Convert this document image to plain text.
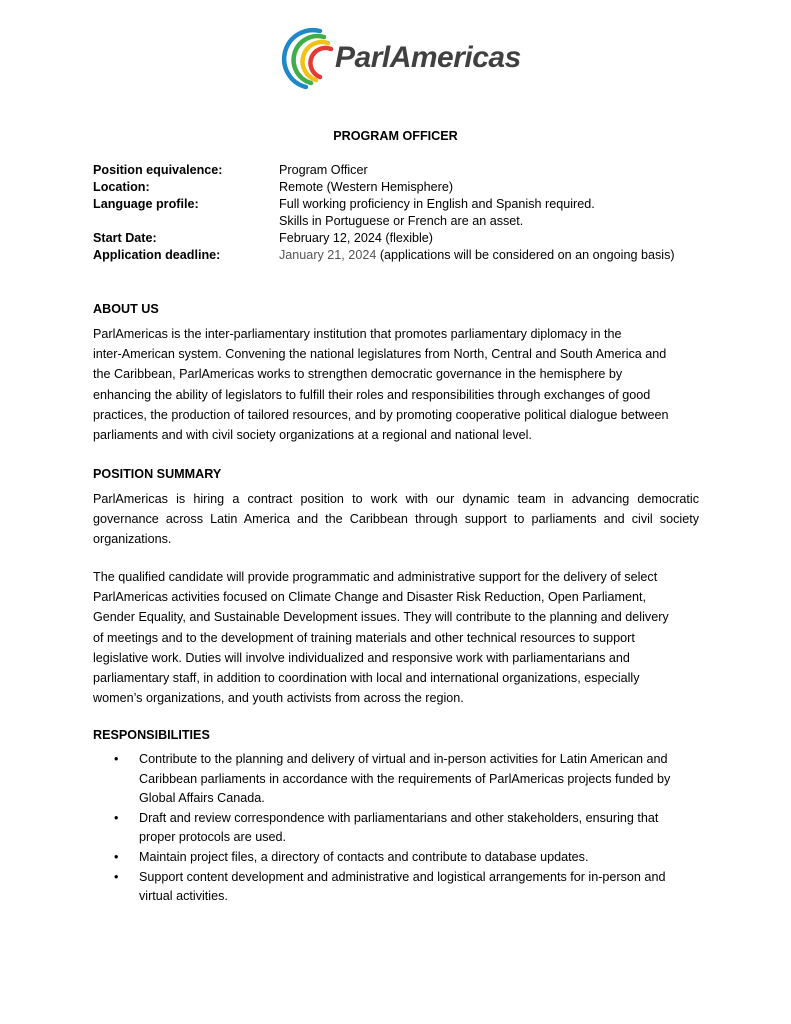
ParlAmericas
PROGRAM OFFICER
Position equivalence:	Program Officer
Location:	Remote (Western Hemisphere)
Language profile:	Full working proficiency in English and Spanish required.
Skills in Portuguese or French are an asset.
Start Date:	February 12, 2024 (flexible)
Application deadline:	January 21, 2024 (applications will be considered on an ongoing basis)
ABOUT US
ParlAmericas is the inter-parliamentary institution that promotes parliamentary diplomacy in the
inter-American system. Convening the national legislatures from North, Central and South America and
the Caribbean, ParlAmericas works to strengthen democratic governance in the hemisphere by
enhancing the ability of legislators to fulfill their roles and responsibilities through exchanges of good
practices, the production of tailored resources, and by promoting cooperative political dialogue between
parliaments and with civil society organizations at a regional and national level.
POSITION SUMMARY

ParlAmericas is hiring a contract position to work with our dynamic team in advancing democratic governance across Latin America and the Caribbean through support to parliaments and civil society organizations.

The qualified candidate will provide programmatic and administrative support for the delivery of select
ParlAmericas activities focused on Climate Change and Disaster Risk Reduction, Open Parliament,
Gender Equality, and Sustainable Development issues. They will contribute to the planning and delivery
of meetings and to the development of training materials and other technical resources to support
legislative work. Duties will involve individualized and responsive work with parliamentarians and
parliamentary staff, in addition to coordination with local and international organizations, especially
women’s organizations, and youth activists from across the region.
RESPONSIBILITIES
•	Contribute to the planning and delivery of virtual and in-person activities for Latin American and
Caribbean parliaments in accordance with the requirements of ParlAmericas projects funded by
Global Affairs Canada.
•	Draft and review correspondence with parliamentarians and other stakeholders, ensuring that
proper protocols are used.
•	Maintain project files, a directory of contacts and contribute to database updates.
•	Support content development and administrative and logistical arrangements for in-person and
virtual activities.
